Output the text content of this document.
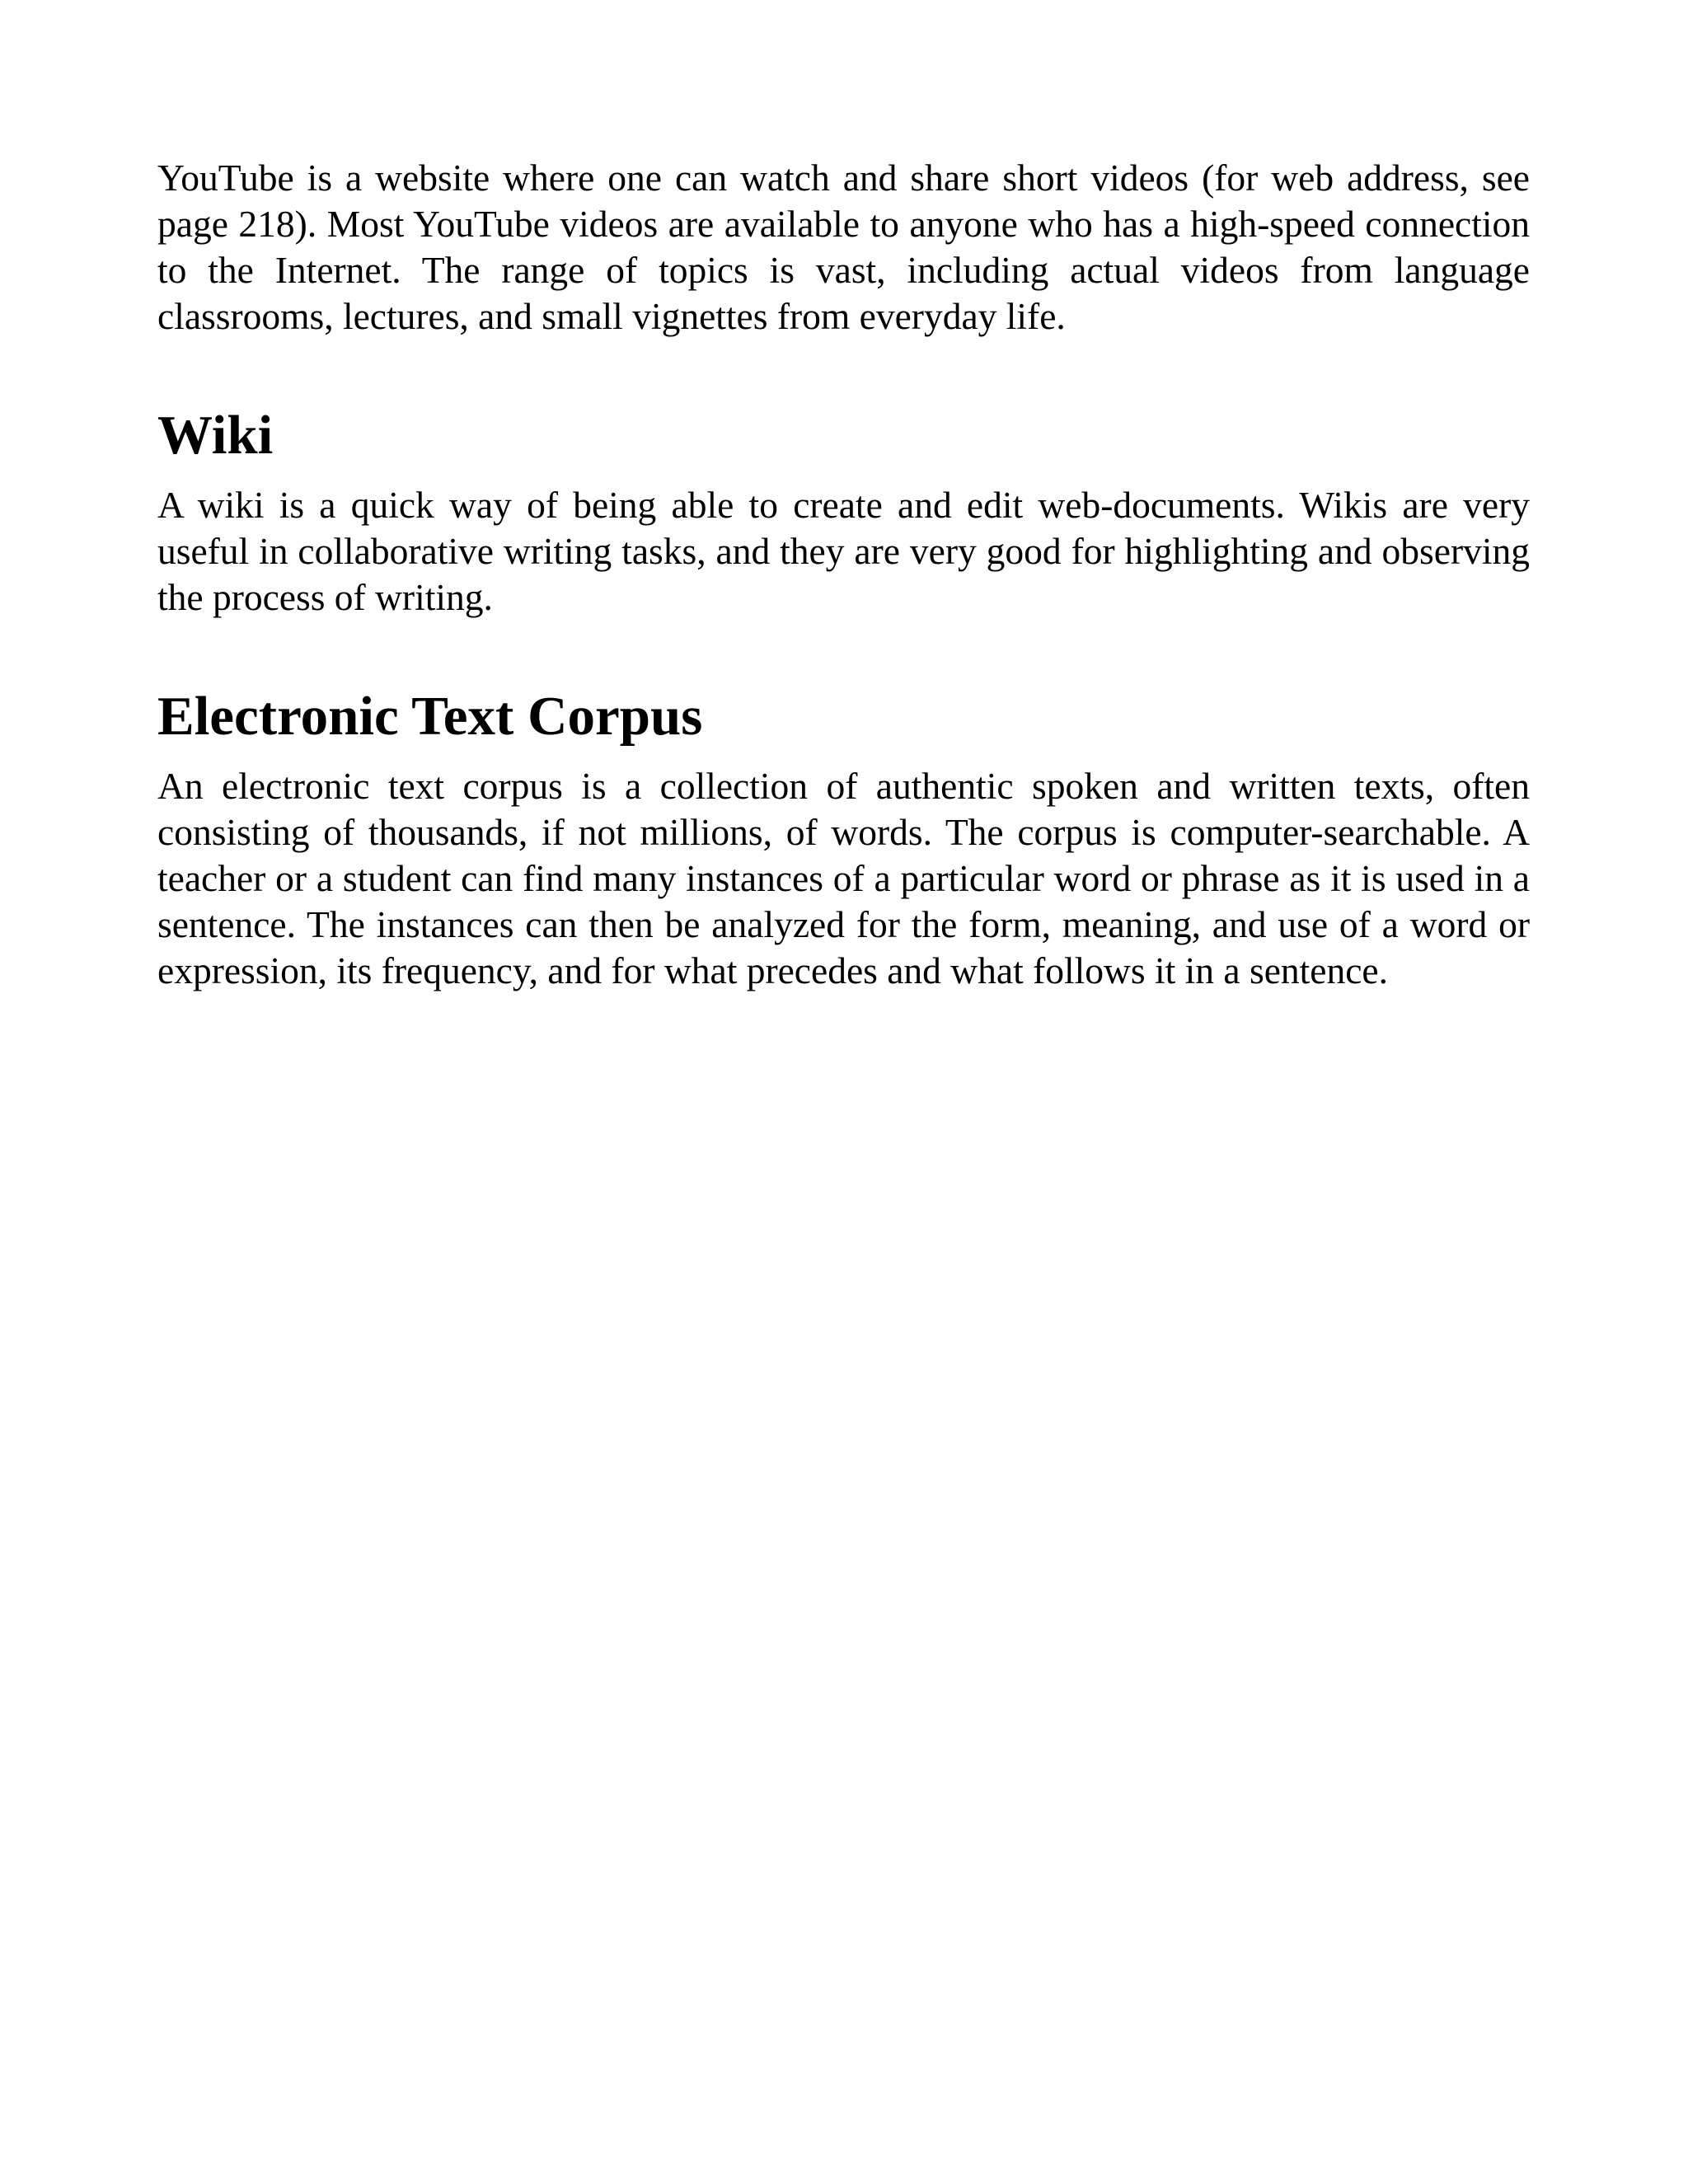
YouTube is a website where one can watch and share short videos (for web address, see page 218). Most YouTube videos are available to anyone who has a high-speed connection to the Internet. The range of topics is vast, including actual videos from language classrooms, lectures, and small vignettes from everyday life.

Wiki

A wiki is a quick way of being able to create and edit web-documents. Wikis are very useful in collaborative writing tasks, and they are very good for highlighting and observing the process of writing.

Electronic Text Corpus

An electronic text corpus is a collection of authentic spoken and written texts, often consisting of thousands, if not millions, of words. The corpus is computer-searchable. A teacher or a student can find many instances of a particular word or phrase as it is used in a sentence. The instances can then be analyzed for the form, meaning, and use of a word or expression, its frequency, and for what precedes and what follows it in a sentence.
